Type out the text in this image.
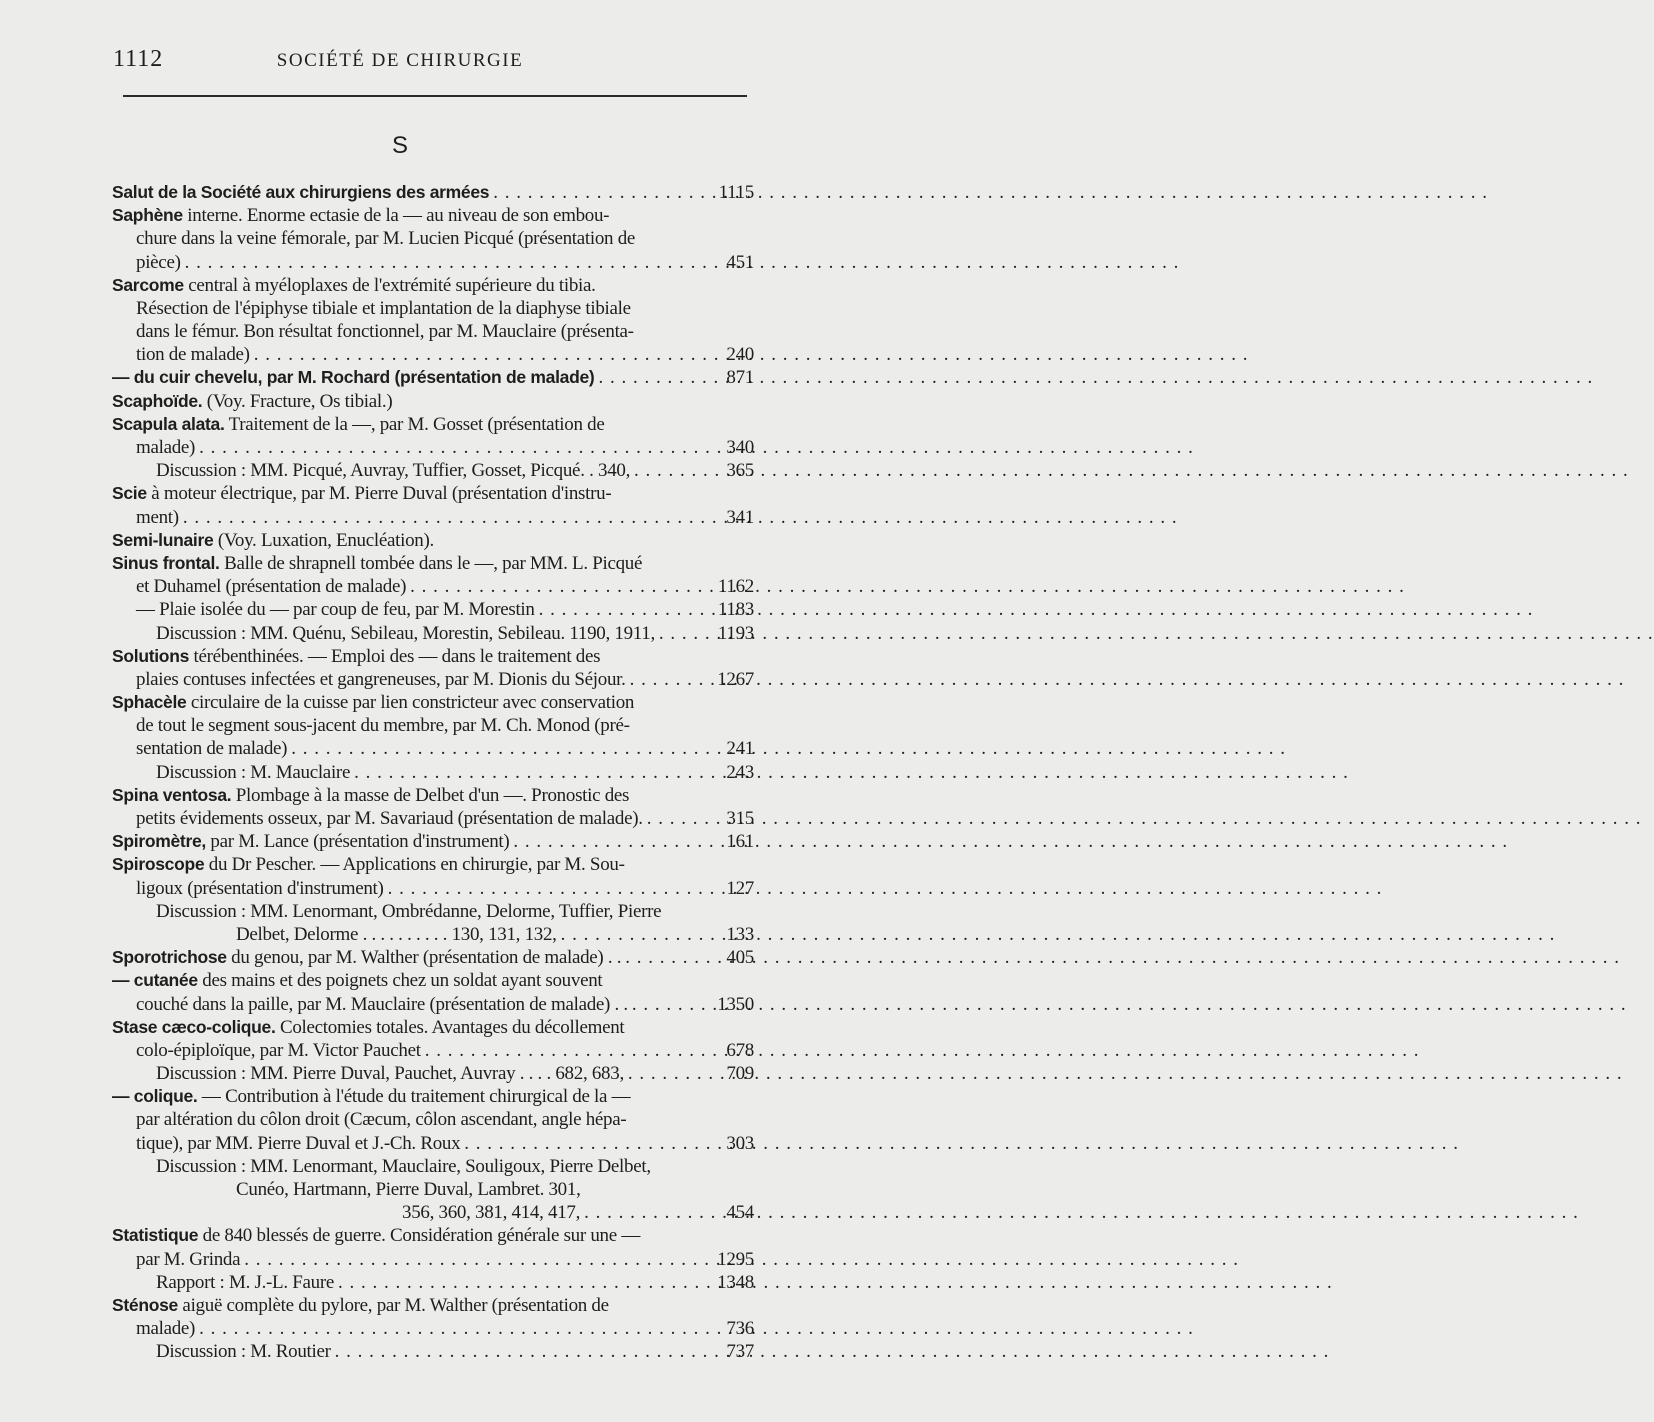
1112	SOCIÉTÉ DE CHIRURGIE
S
Salut de la Société aux chirurgiens des armées . . .	1115
Saphène interne. Enorme ectasie de la — au niveau de son embou-
chure dans la veine fémorale, par M. Lucien Picqué (présentation de
pièce) . . .	451
Sarcome central à myéloplaxes de l'extrémité supérieure du tibia.
Résection de l'épiphyse tibiale et implantation de la diaphyse tibiale
dans le fémur. Bon résultat fonctionnel, par M. Mauclaire (présenta-
tion de malade) . . .	240
— du cuir chevelu, par M. Rochard (présentation de malade) . . .	871
Scaphoïde. (Voy. Fracture, Os tibial.)
Scapula alata. Traitement de la —, par M. Gosset (présentation de
malade) . . .	340
Discussion : MM. Picqué, Auvray, Tuffier, Gosset, Picqué. . 340, . . .	365
Scie à moteur électrique, par M. Pierre Duval (présentation d'instru-
ment) . . .	341
Semi-lunaire (Voy. Luxation, Enucléation).
Sinus frontal. Balle de shrapnell tombée dans le —, par MM. L. Picqué
et Duhamel (présentation de malade) . . .	1162
— Plaie isolée du — par coup de feu, par M. Morestin . . .	1183
Discussion : MM. Quénu, Sebileau, Morestin, Sebileau. 1190, 1911, . . .	1193
Solutions térébenthinées. — Emploi des — dans le traitement des
plaies contuses infectées et gangreneuses, par M. Dionis du Séjour. . . .	1267
Sphacèle circulaire de la cuisse par lien constricteur avec conservation
de tout le segment sous-jacent du membre, par M. Ch. Monod (pré-
sentation de malade) . . .	241
Discussion : M. Mauclaire . . .	243
Spina ventosa. Plombage à la masse de Delbet d'un —. Pronostic des
petits évidements osseux, par M. Savariaud (présentation de malade). . . .	315
Spiromètre, par M. Lance (présentation d'instrument) . . .	161
Spiroscope du Dr Pescher. — Applications en chirurgie, par M. Sou-
ligoux (présentation d'instrument) . . .	127
Discussion : MM. Lenormant, Ombrédanne, Delorme, Tuffier, Pierre
Delbet, Delorme . . . . . . . . . . 130, 131, 132, . . .	133
Sporotrichose du genou, par M. Walther (présentation de malade) . . . . .	405
— cutanée des mains et des poignets chez un soldat ayant souvent
couché dans la paille, par M. Mauclaire (présentation de malade) . . . . .	1350
Stase cæco-colique. Colectomies totales. Avantages du décollement
colo-épiploïque, par M. Victor Pauchet . . .	678
Discussion : MM. Pierre Duval, Pauchet, Auvray . . . . 682, 683, . . .	709
— colique. — Contribution à l'étude du traitement chirurgical de la —
par altération du côlon droit (Cæcum, côlon ascendant, angle hépa-
tique), par MM. Pierre Duval et J.-Ch. Roux . . .	303
Discussion : MM. Lenormant, Mauclaire, Souligoux, Pierre Delbet,
Cunéo, Hartmann, Pierre Duval, Lambret. 301,
356, 360, 381, 414, 417, . . .	454
Statistique de 840 blessés de guerre. Considération générale sur une —
par M. Grinda . . .	1295
Rapport : M. J.-L. Faure . . .	1348
Sténose aiguë complète du pylore, par M. Walther (présentation de
malade) . . .	736
Discussion : M. Routier . . .	737
